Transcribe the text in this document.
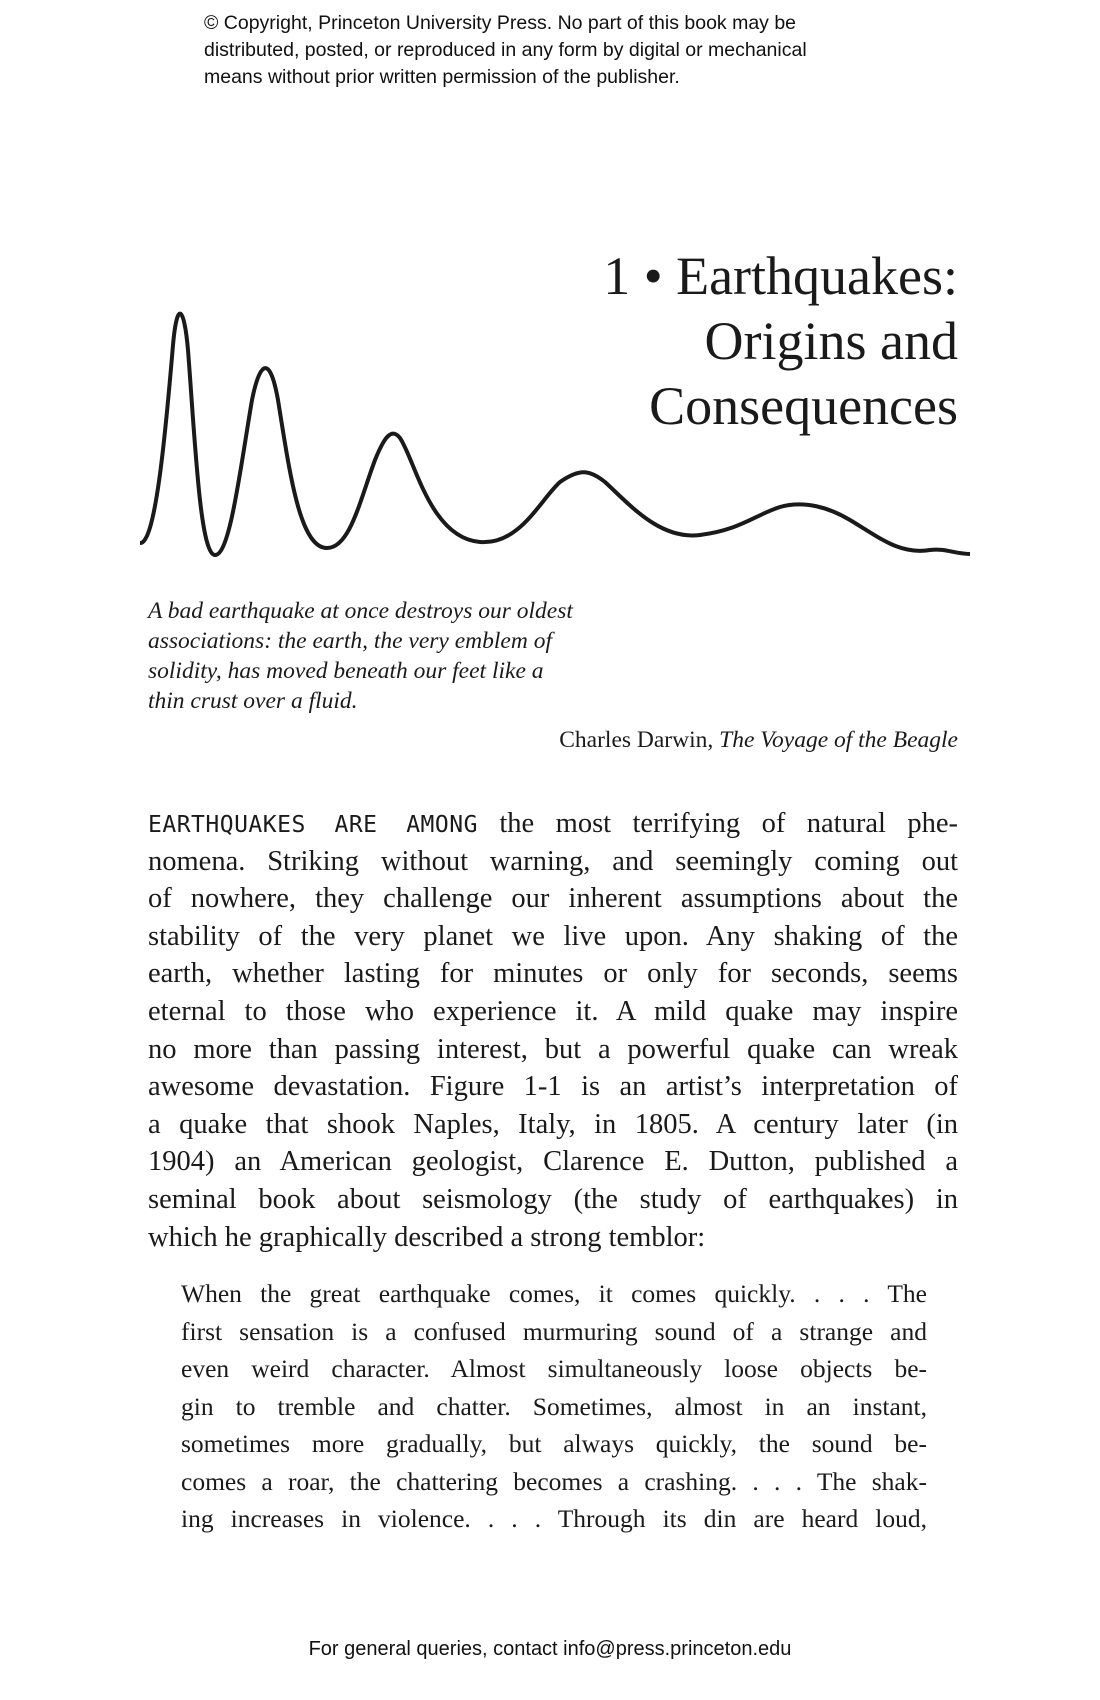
© Copyright, Princeton University Press. No part of this book may be
distributed, posted, or reproduced in any form by digital or mechanical
means without prior written permission of the publisher.
1 • Earthquakes:
Origins and
Consequences
A bad earthquake at once destroys our oldest
associations: the earth, the very emblem of
solidity, has moved beneath our feet like a
thin crust over a fluid.
Charles Darwin, The Voyage of the Beagle
EARTHQUAKES ARE AMONG the most terrifying of natural phe-
nomena. Striking without warning, and seemingly coming out
of nowhere, they challenge our inherent assumptions about the
stability of the very planet we live upon. Any shaking of the
earth, whether lasting for minutes or only for seconds, seems
eternal to those who experience it. A mild quake may inspire
no more than passing interest, but a powerful quake can wreak
awesome devastation. Figure 1-1 is an artist’s interpretation of
a quake that shook Naples, Italy, in 1805. A century later (in
1904) an American geologist, Clarence E. Dutton, published a
seminal book about seismology (the study of earthquakes) in
which he graphically described a strong temblor:
When the great earthquake comes, it comes quickly. . . . The
first sensation is a confused murmuring sound of a strange and
even weird character. Almost simultaneously loose objects be-
gin to tremble and chatter. Sometimes, almost in an instant,
sometimes more gradually, but always quickly, the sound be-
comes a roar, the chattering becomes a crashing. . . . The shak-
ing increases in violence. . . . Through its din are heard loud,
For general queries, contact info@press.princeton.edu
